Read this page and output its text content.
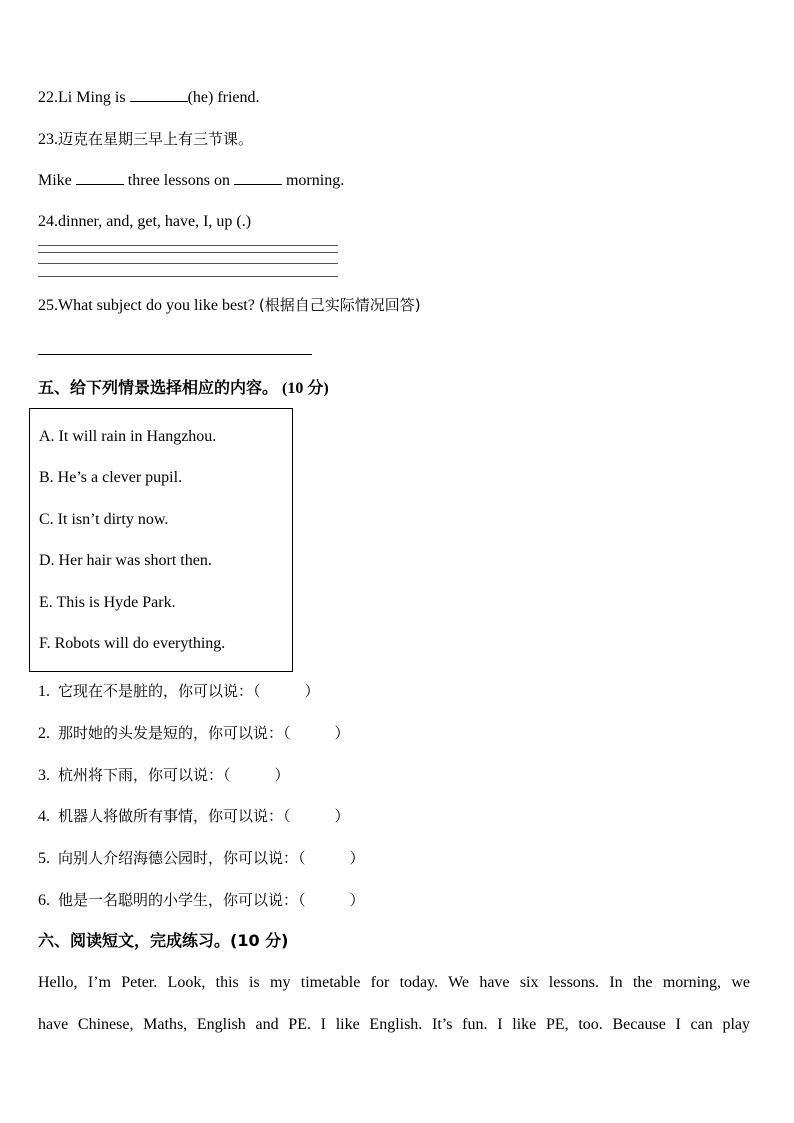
22.Li Ming is	(he) friend.
23.迈克在星期三早上有三节课。
Mike	three lessons on	morning.
24.dinner, and, get, have, I, up (.)
25.What subject do you like best? (根据自己实际情况回答)
五、给下列情景选择相应的内容。 (10 分)
A. It will rain in Hangzhou.
B. He’s a clever pupil.
C. It isn’t dirty now.
D. Her hair was short then.
E. This is Hyde Park.
F. Robots will do everything.
1. 它现在不是脏的，你可以说：（	）
2. 那时她的头发是短的，你可以说：（	）
3. 杭州将下雨，你可以说：（	）
4. 机器人将做所有事情，你可以说：（	）
5. 向别人介绍海德公园时，你可以说：（	）
6. 他是一名聪明的小学生，你可以说：（	）
六、阅读短文，完成练习。(10 分)
Hello, I’m Peter. Look, this is my timetable for today. We have six lessons. In the morning, we
have Chinese, Maths, English and PE. I like English. It’s fun. I like PE, too. Because I can play
